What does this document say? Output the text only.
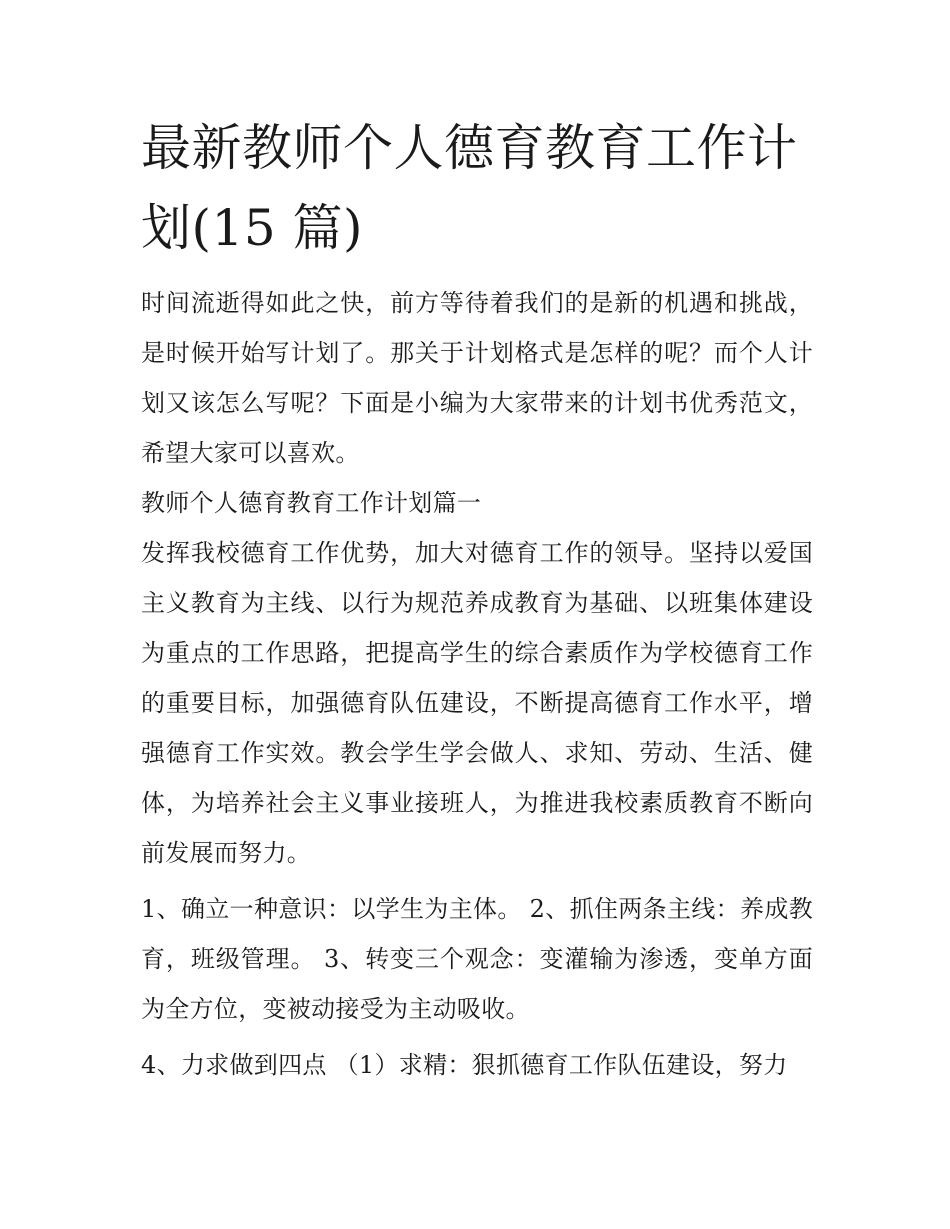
最新教师个人德育教育工作计划(15 篇)

时间流逝得如此之快，前方等待着我们的是新的机遇和挑战，是时候开始写计划了。那关于计划格式是怎样的呢？而个人计划又该怎么写呢？下面是小编为大家带来的计划书优秀范文，希望大家可以喜欢。

教师个人德育教育工作计划篇一

发挥我校德育工作优势，加大对德育工作的领导。坚持以爱国主义教育为主线、以行为规范养成教育为基础、以班集体建设为重点的工作思路，把提高学生的综合素质作为学校德育工作的重要目标，加强德育队伍建设，不断提高德育工作水平，增强德育工作实效。教会学生学会做人、求知、劳动、生活、健体，为培养社会主义事业接班人，为推进我校素质教育不断向前发展而努力。

1、确立一种意识：以学生为主体。 2、抓住两条主线：养成教育，班级管理。 3、转变三个观念：变灌输为渗透，变单方面为全方位，变被动接受为主动吸收。

4、力求做到四点 （1）求精：狠抓德育工作队伍建设，努力
